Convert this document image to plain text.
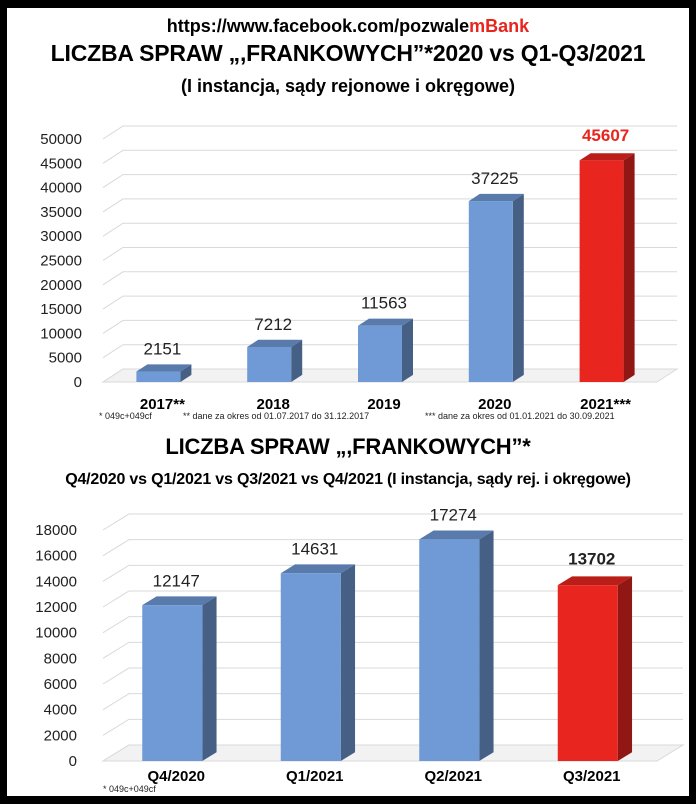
https://www.facebook.com/pozwalemBank
LICZBA SPRAW „,FRANKOWYCH”*2020 vs Q1-Q3/2021
(I instancja, sądy rejonowe i okręgowe)
LICZBA SPRAW „,FRANKOWYCH”*
Q4/2020 vs Q1/2021 vs Q3/2021 vs Q4/2021 (I instancja, sądy rej. i okręgowe)
0
5000
10000
15000
20000
25000
30000
35000
40000
45000
50000
2151
2017**
7212
2018
11563
2019
37225
2020
45607
2021***
* 049c+049cf	** dane za okres od 01.07.2017 do 31.12.2017	*** dane za okres od 01.01.2021 do 30.09.2021
0
2000
4000
6000
8000
10000
12000
14000
16000
18000
12147
Q4/2020
14631
Q1/2021
17274
Q2/2021
13702
Q3/2021
* 049c+049cf
